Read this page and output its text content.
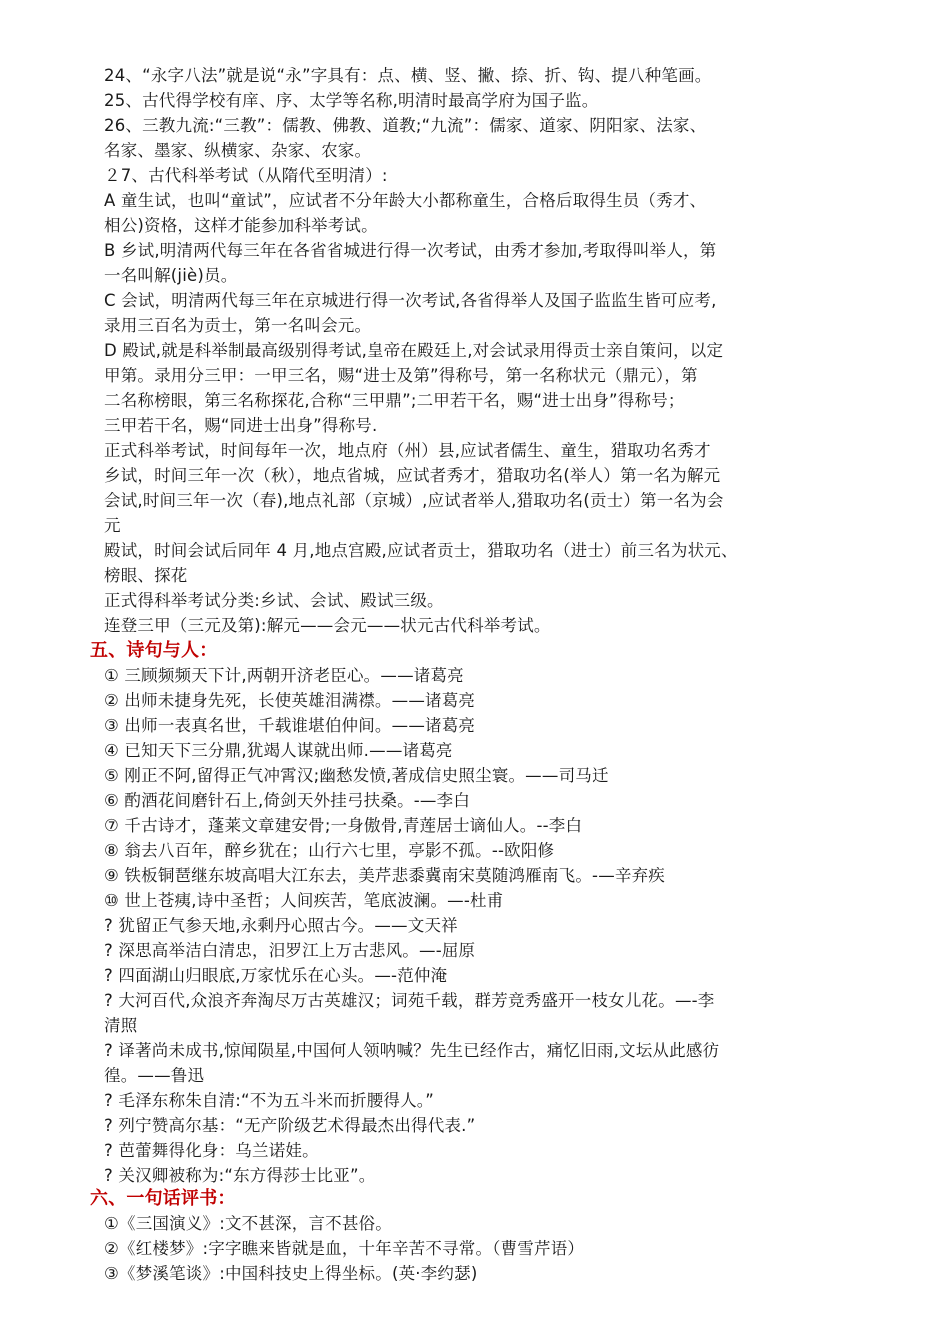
24、“永字八法”就是说“永”字具有：点、横、竖、撇、捺、折、钩、提八种笔画。
25、古代得学校有庠、序、太学等名称,明清时最高学府为国子监。
26、三教九流:“三教”：儒教、佛教、道教;“九流”：儒家、道家、阴阳家、法家、
名家、墨家、纵横家、杂家、农家。
２7、古代科举考试（从隋代至明清）:
A 童生试，也叫“童试”，应试者不分年龄大小都称童生，合格后取得生员（秀才、
相公)资格，这样才能参加科举考试。
B 乡试,明清两代每三年在各省省城进行得一次考试，由秀才参加,考取得叫举人，第
一名叫解(jiè)员。
C 会试，明清两代每三年在京城进行得一次考试,各省得举人及国子监监生皆可应考,
录用三百名为贡士，第一名叫会元。
D 殿试,就是科举制最高级别得考试,皇帝在殿廷上,对会试录用得贡士亲自策问，以定
甲第。录用分三甲：一甲三名，赐“进士及第”得称号，第一名称状元（鼎元），第
二名称榜眼，第三名称探花,合称“三甲鼎”;二甲若干名，赐“进士出身”得称号；
三甲若干名，赐“同进士出身”得称号.
正式科举考试，时间每年一次，地点府（州）县,应试者儒生、童生，猎取功名秀才
乡试，时间三年一次（秋），地点省城，应试者秀才，猎取功名(举人）第一名为解元
会试,时间三年一次（春),地点礼部（京城）,应试者举人,猎取功名(贡士）第一名为会
元
殿试，时间会试后同年 4 月,地点宫殿,应试者贡士，猎取功名（进士）前三名为状元、
榜眼、探花
正式得科举考试分类:乡试、会试、殿试三级。
连登三甲（三元及第):解元——会元——状元古代科举考试。
五、诗句与人：
① 三顾频频天下计,两朝开济老臣心。——诸葛亮
② 出师未捷身先死，长使英雄泪满襟。——诸葛亮
③ 出师一表真名世，千载谁堪伯仲间。——诸葛亮
④ 已知天下三分鼎,犹竭人谋就出师.——诸葛亮
⑤ 刚正不阿,留得正气冲霄汉;幽愁发愤,著成信史照尘寰。——司马迁
⑥ 酌酒花间磨针石上,倚剑天外挂弓扶桑。-—李白
⑦ 千古诗才，蓬莱文章建安骨;一身傲骨,青莲居士谪仙人。--李白
⑧ 翁去八百年，醉乡犹在；山行六七里，亭影不孤。--欧阳修
⑨ 铁板铜琶继东坡高唱大江东去，美芹悲黍冀南宋莫随鸿雁南飞。-—辛弃疾
⑩ 世上苍痍,诗中圣哲；人间疾苦，笔底波澜。—-杜甫
? 犹留正气参天地,永剩丹心照古今。——文天祥
? 深思高举洁白清忠，汨罗江上万古悲风。—-屈原
? 四面湖山归眼底,万家忧乐在心头。—-范仲淹
? 大河百代,众浪齐奔淘尽万古英雄汉；词苑千载，群芳竞秀盛开一枝女儿花。—-李
清照
? 译著尚未成书,惊闻陨星,中国何人领呐喊？先生已经作古，痛忆旧雨,文坛从此感彷
徨。——鲁迅
? 毛泽东称朱自清:“不为五斗米而折腰得人。”
? 列宁赞高尔基：“无产阶级艺术得最杰出得代表.”
? 芭蕾舞得化身：乌兰诺娃。
? 关汉卿被称为:“东方得莎士比亚”。
六、一句话评书：
①《三国演义》:文不甚深，言不甚俗。
②《红楼梦》:字字瞧来皆就是血，十年辛苦不寻常。（曹雪芹语）
③《梦溪笔谈》:中国科技史上得坐标。(英·李约瑟)
